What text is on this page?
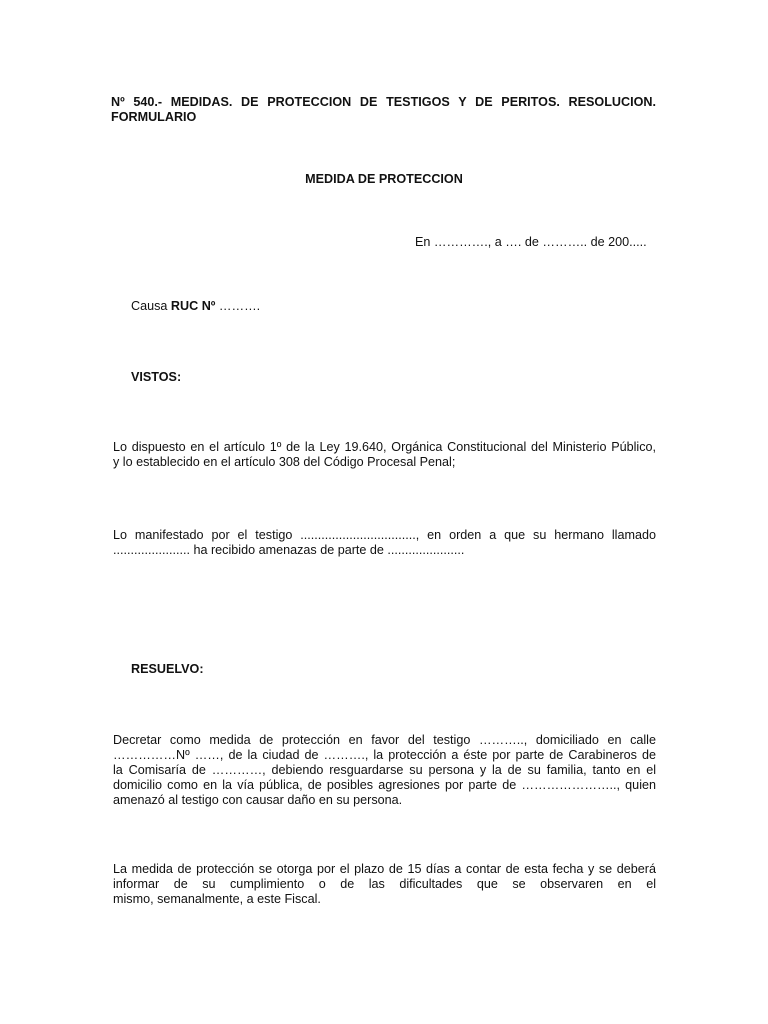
Nº 540.- MEDIDAS. DE PROTECCION DE TESTIGOS Y DE PERITOS. RESOLUCION.
FORMULARIO
MEDIDA DE PROTECCION
En …………., a …. de ……….. de 200.....
Causa RUC Nº ……….
VISTOS:
Lo dispuesto en el artículo 1º de la Ley 19.640, Orgánica Constitucional del Ministerio Público,
y lo establecido en el artículo 308 del Código Procesal Penal;
Lo manifestado por el testigo ................................., en orden a que su hermano llamado
...................... ha recibido amenazas de parte de ......................
RESUELVO:
Decretar como medida de protección en favor del testigo ……….., domiciliado en calle
……………Nº ……, de la ciudad de ………., la protección a éste por parte de Carabineros de
la Comisaría de …………, debiendo resguardarse su persona y la de su familia, tanto en el
domicilio como en la vía pública, de posibles agresiones por parte de ………………….., quien
amenazó al testigo con causar daño en su persona.
La medida de protección se otorga por el plazo de 15 días a contar de esta fecha y se deberá
informar de su cumplimiento o de las dificultades que se observaren en el
mismo, semanalmente, a este Fiscal.
